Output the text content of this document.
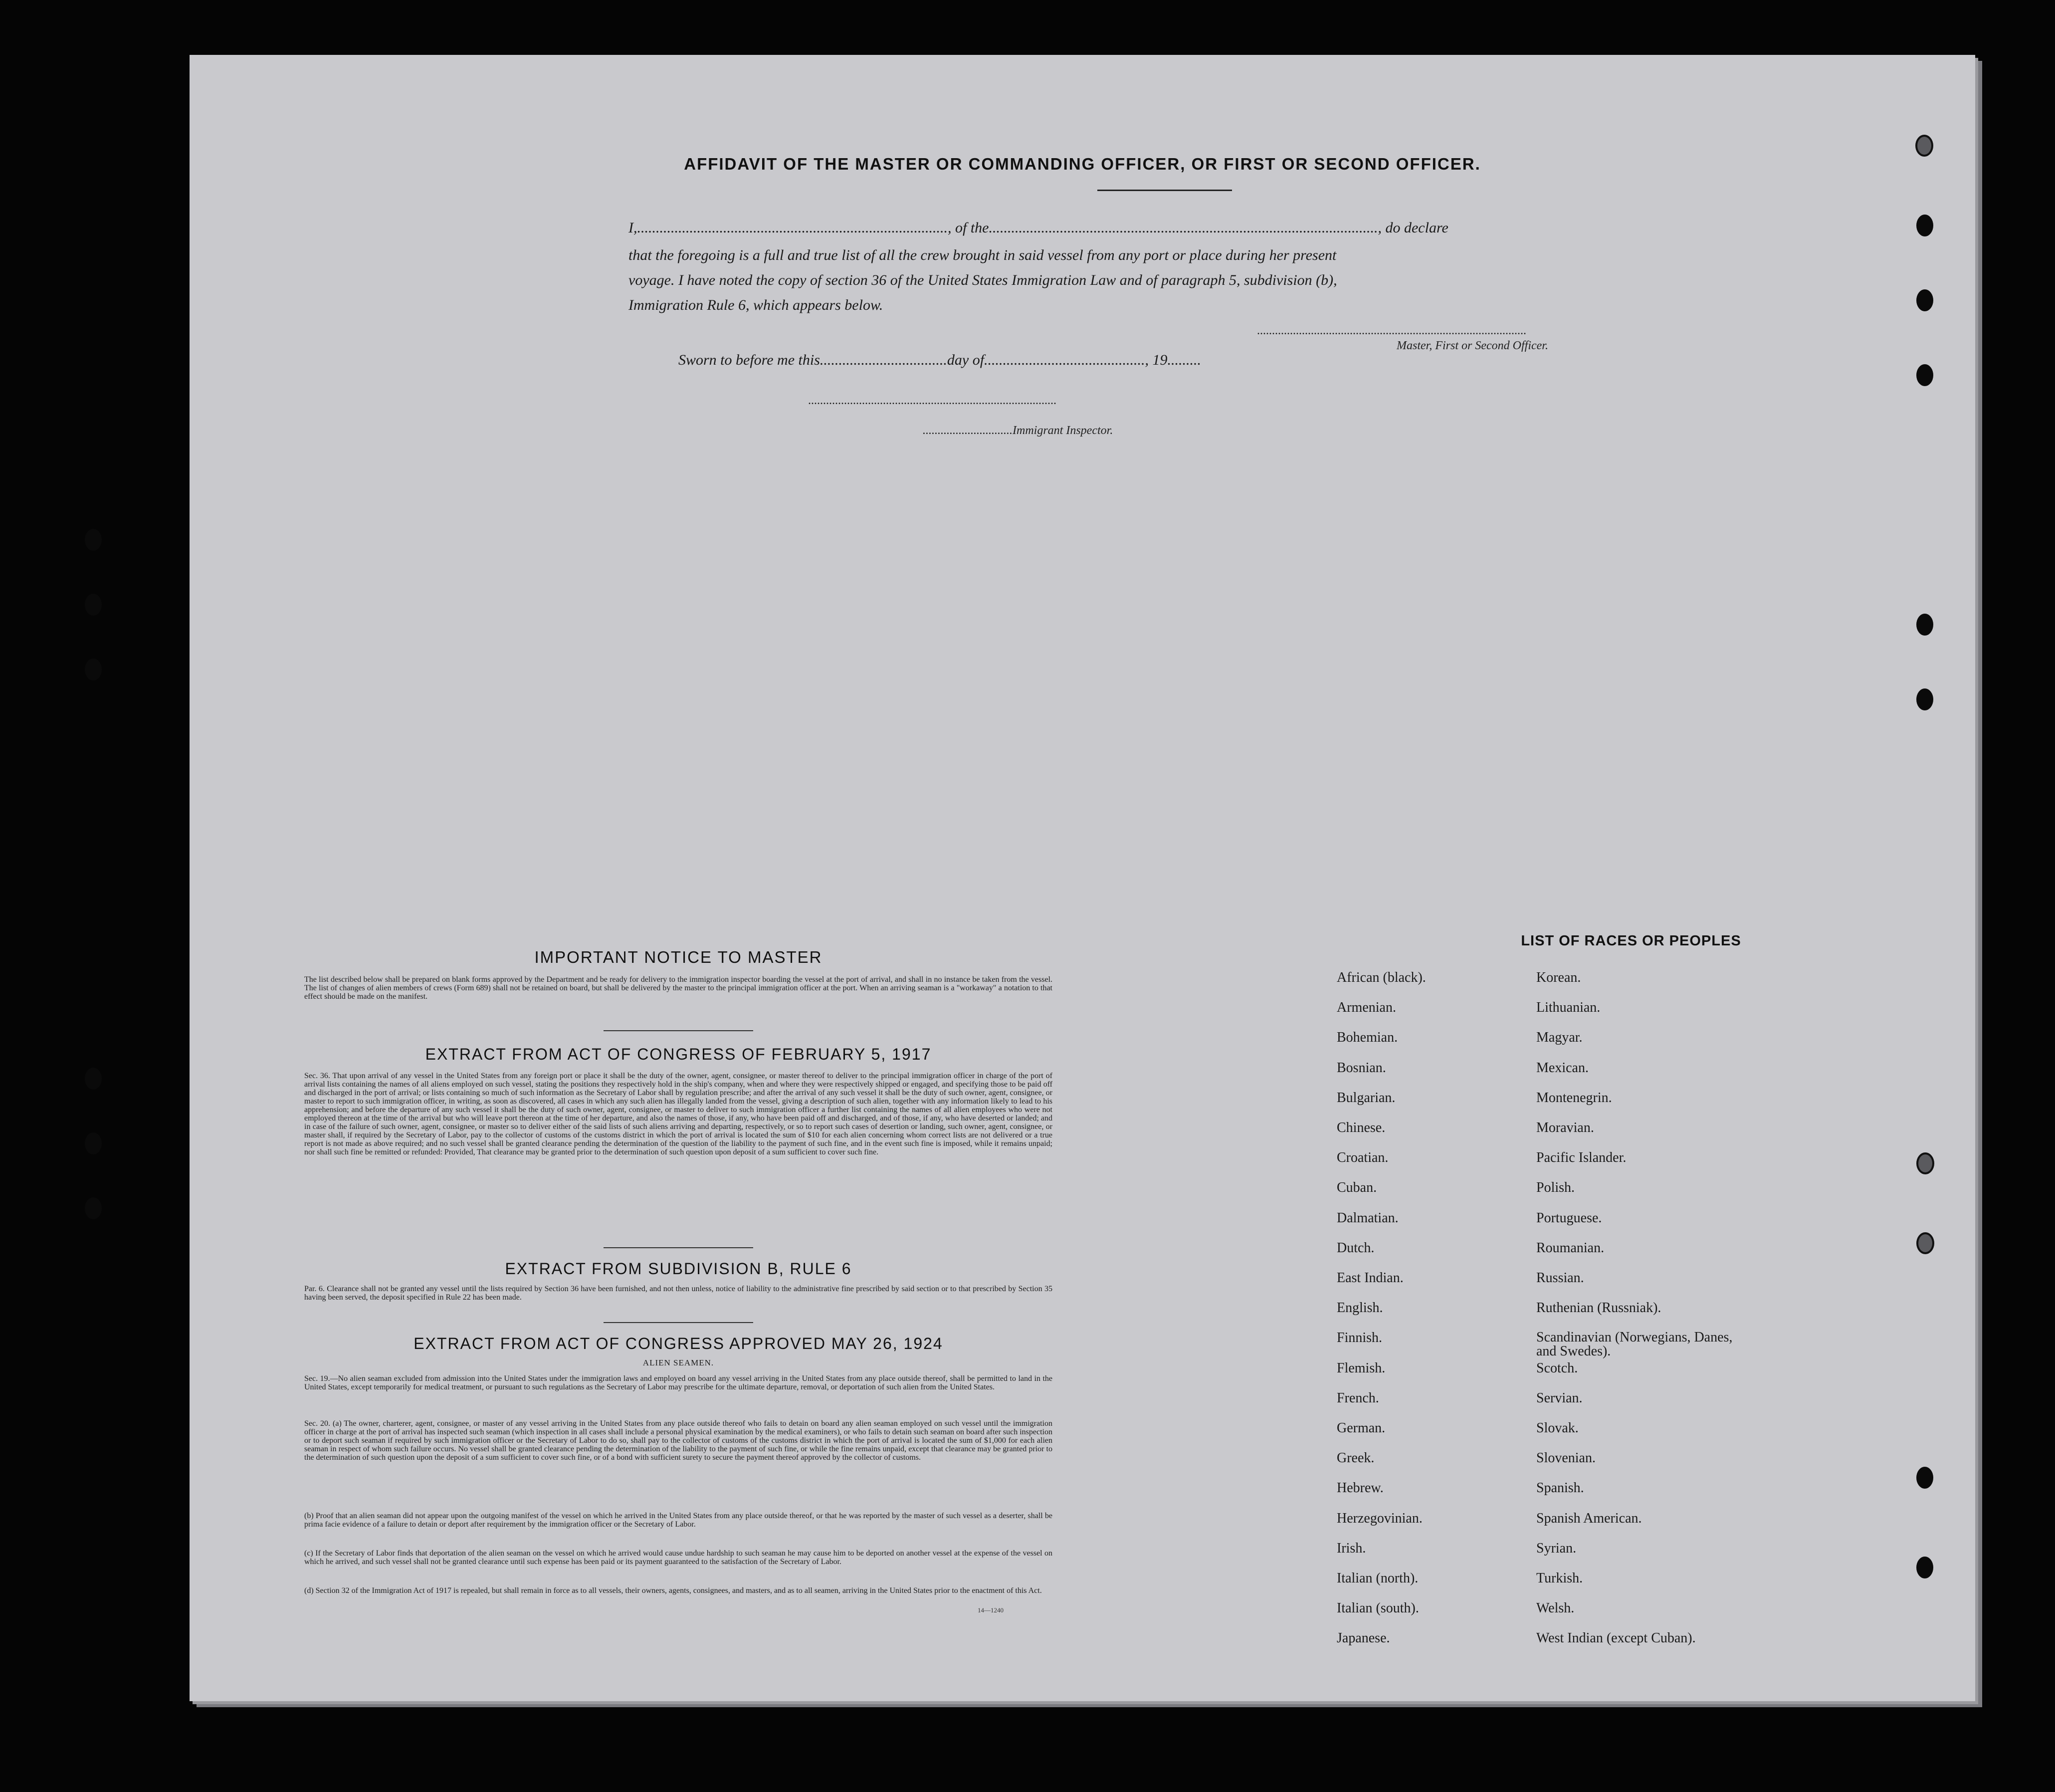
AFFIDAVIT OF THE MASTER OR COMMANDING OFFICER, OR FIRST OR SECOND OFFICER.
I,..................................................................................., of the........................................................................................................, do declare
that the foregoing is a full and true list of all the crew brought in said vessel from any port or place during her present
voyage. I have noted the copy of section 36 of the United States Immigration Law and of paragraph 5, subdivision (b),
Immigration Rule 6, which appears below.
..........................................................................................
Master, First or Second Officer.
Sworn to before me this..................................day of..........................................., 19.........
...................................................................................
..............................Immigrant Inspector.
IMPORTANT NOTICE TO MASTER
The list described below shall be prepared on blank forms approved by the Department and be ready for delivery to the immigration inspector boarding the vessel at the port of arrival, and shall in no instance be taken from the vessel. The list of changes of alien members of crews (Form 689) shall not be retained on board, but shall be delivered by the master to the principal immigration officer at the port. When an arriving seaman is a "workaway" a notation to that effect should be made on the manifest.
EXTRACT FROM ACT OF CONGRESS OF FEBRUARY 5, 1917
Sec. 36. That upon arrival of any vessel in the United States from any foreign port or place it shall be the duty of the owner, agent, consignee, or master thereof to deliver to the principal immigration officer in charge of the port of arrival lists containing the names of all aliens employed on such vessel, stating the positions they respectively hold in the ship's company, when and where they were respectively shipped or engaged, and specifying those to be paid off and discharged in the port of arrival; or lists containing so much of such information as the Secretary of Labor shall by regulation prescribe; and after the arrival of any such vessel it shall be the duty of such owner, agent, consignee, or master to report to such immigration officer, in writing, as soon as discovered, all cases in which any such alien has illegally landed from the vessel, giving a description of such alien, together with any information likely to lead to his apprehension; and before the departure of any such vessel it shall be the duty of such owner, agent, consignee, or master to deliver to such immigration officer a further list containing the names of all alien employees who were not employed thereon at the time of the arrival but who will leave port thereon at the time of her departure, and also the names of those, if any, who have been paid off and discharged, and of those, if any, who have deserted or landed; and in case of the failure of such owner, agent, consignee, or master so to deliver either of the said lists of such aliens arriving and departing, respectively, or so to report such cases of desertion or landing, such owner, agent, consignee, or master shall, if required by the Secretary of Labor, pay to the collector of customs of the customs district in which the port of arrival is located the sum of $10 for each alien concerning whom correct lists are not delivered or a true report is not made as above required; and no such vessel shall be granted clearance pending the determination of the question of the liability to the payment of such fine, and in the event such fine is imposed, while it remains unpaid; nor shall such fine be remitted or refunded: Provided, That clearance may be granted prior to the determination of such question upon deposit of a sum sufficient to cover such fine.
EXTRACT FROM SUBDIVISION B, RULE 6
Par. 6. Clearance shall not be granted any vessel until the lists required by Section 36 have been furnished, and not then unless, notice of liability to the administrative fine prescribed by said section or to that prescribed by Section 35 having been served, the deposit specified in Rule 22 has been made.
EXTRACT FROM ACT OF CONGRESS APPROVED MAY 26, 1924
ALIEN SEAMEN.
Sec. 19.—No alien seaman excluded from admission into the United States under the immigration laws and employed on board any vessel arriving in the United States from any place outside thereof, shall be permitted to land in the United States, except temporarily for medical treatment, or pursuant to such regulations as the Secretary of Labor may prescribe for the ultimate departure, removal, or deportation of such alien from the United States.
Sec. 20. (a) The owner, charterer, agent, consignee, or master of any vessel arriving in the United States from any place outside thereof who fails to detain on board any alien seaman employed on such vessel until the immigration officer in charge at the port of arrival has inspected such seaman (which inspection in all cases shall include a personal physical examination by the medical examiners), or who fails to detain such seaman on board after such inspection or to deport such seaman if required by such immigration officer or the Secretary of Labor to do so, shall pay to the collector of customs of the customs district in which the port of arrival is located the sum of $1,000 for each alien seaman in respect of whom such failure occurs. No vessel shall be granted clearance pending the determination of the liability to the payment of such fine, or while the fine remains unpaid, except that clearance may be granted prior to the determination of such question upon the deposit of a sum sufficient to cover such fine, or of a bond with sufficient surety to secure the payment thereof approved by the collector of customs.
(b) Proof that an alien seaman did not appear upon the outgoing manifest of the vessel on which he arrived in the United States from any place outside thereof, or that he was reported by the master of such vessel as a deserter, shall be prima facie evidence of a failure to detain or deport after requirement by the immigration officer or the Secretary of Labor.
(c) If the Secretary of Labor finds that deportation of the alien seaman on the vessel on which he arrived would cause undue hardship to such seaman he may cause him to be deported on another vessel at the expense of the vessel on which he arrived, and such vessel shall not be granted clearance until such expense has been paid or its payment guaranteed to the satisfaction of the Secretary of Labor.
(d) Section 32 of the Immigration Act of 1917 is repealed, but shall remain in force as to all vessels, their owners, agents, consignees, and masters, and as to all seamen, arriving in the United States prior to the enactment of this Act.
14—1240
LIST OF RACES OR PEOPLES
African (black).
Armenian.
Bohemian.
Bosnian.
Bulgarian.
Chinese.
Croatian.
Cuban.
Dalmatian.
Dutch.
East Indian.
English.
Finnish.
Flemish.
French.
German.
Greek.
Hebrew.
Herzegovinian.
Irish.
Italian (north).
Italian (south).
Japanese.
Korean.
Lithuanian.
Magyar.
Mexican.
Montenegrin.
Moravian.
Pacific Islander.
Polish.
Portuguese.
Roumanian.
Russian.
Ruthenian (Russniak).
Scandinavian (Norwegians, Danes, and Swedes).
Scotch.
Servian.
Slovak.
Slovenian.
Spanish.
Spanish American.
Syrian.
Turkish.
Welsh.
West Indian (except Cuban).
